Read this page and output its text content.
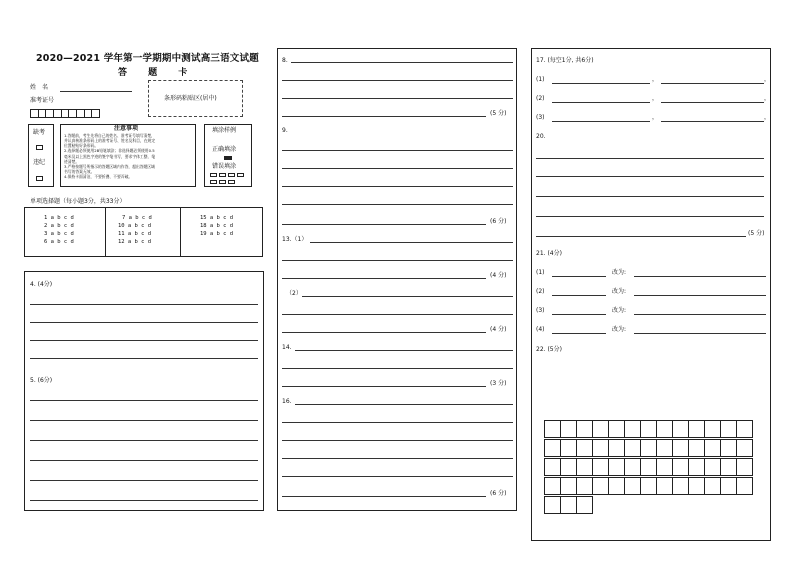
2020—2021 学年第一学期期中测试高三语文试题
答 题 卡
姓　名
准考证号	条形码粘贴区(居中)
缺考
违纪
注意事项
1.答题前，考生先将自己的姓名、准考证号填写清楚，
并认真核准条形码上的准考证号、姓名及科目，在规定
位置粘贴好条形码。
2.选择题必须使用2B铅笔填涂；非选择题必须使用0.5
毫米及以上黑色字迹的签字笔书写，要求字体工整、笔
迹清楚。
3.严格按题号所指示的答题区域内作答，超出答题区域
书写的答案无效。
4.保持卡面清洁，不要折叠、不要弄破。
填涂样例
正确填涂
错误填涂
单项选择题（每小题3分，共33分）
1 a b c d
2 a b c d
3 a b c d
6 a b c d
7 a b c d
10 a b c d
11 a b c d
12 a b c d
15 a b c d
18 a b c d
19 a b c d
4. (4分)
5. (6分)
8.
(5 分)
9.
(6 分)
13.（1）
(4 分)
（2）
(4 分)
14.
(3 分)
16.
(6 分)
17. (每空1分, 共6分)
(1)	，	，
(2)	，	，
(3)	，	，
20.
(5 分)
21. (4分)
(1)	改为:
(2)	改为:
(3)	改为:
(4)	改为:
22. (5分)
